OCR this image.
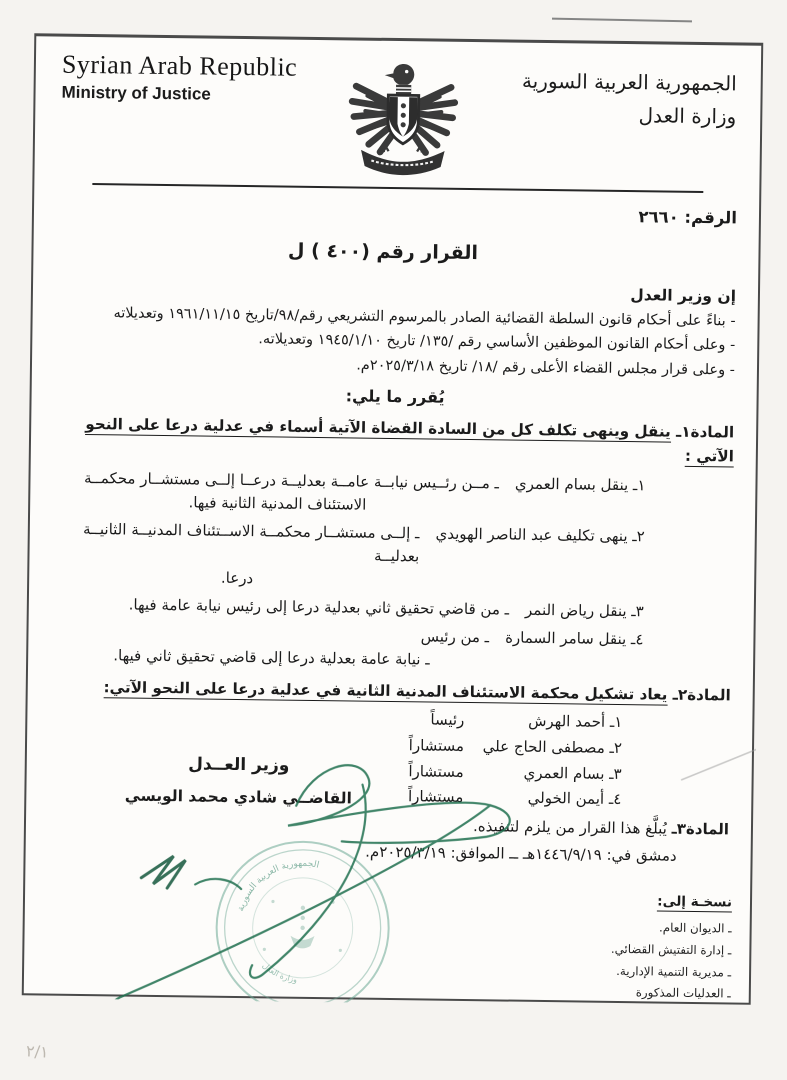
Syrian Arab Republic
Ministry of Justice	الجمهورية العربية السورية
وزارة العدل
الرقم: ٢٦٦٠
القرار رقم (٤٠٠ ) ل
إن وزير العدل
- بناءً على أحكام قانون السلطة القضائية الصادر بالمرسوم التشريعي رقم/٩٨/تاريخ ١٩٦١/١١/١٥ وتعديلاته
- وعلى أحكام القانون الموظفين الأساسي رقم /١٣٥/ تاريخ ١٩٤٥/١/١٠ وتعديلاته.
- وعلى قرار مجلس القضاء الأعلى رقم /١٨/ تاريخ ٢٠٢٥/٣/١٨م.
يُقرر ما يلي:
المادة١ـ ينقل وينهى تكلف كل من السادة القضاة الآتية أسماء في عدلية درعا على النحو الآتي :
١ـ ينقل بسام العمري
ـ مــن رئــيس نيابــة عامــة بعدليــة درعــا إلــى مستشــار محكمــة
الاستئناف المدنية الثانية فيها.
٢ـ ينهى تكليف عبد الناصر الهويدي
ـ إلــى مستشــار محكمــة الاســتئناف المدنيــة الثانيــة بعدليــة
درعا.
٣ـ ينقل رياض النمر
ـ من قاضي تحقيق ثاني بعدلية درعا إلى رئيس نيابة عامة فيها.
٤ـ ينقل سامر السمارة
ـ من رئيس
ـ نيابة عامة بعدلية درعا إلى قاضي تحقيق ثاني فيها.
المادة٢ـ يعاد تشكيل محكمة الاستئناف المدنية الثانية في عدلية درعا على النحو الآتي:
١ـ أحمد الهرش
رئيساً
٢ـ مصطفى الحاج علي
مستشاراً
٣ـ بسام العمري
مستشاراً
٤ـ أيمن الخولي
مستشاراً
المادة٣ـ يُبلَّغ هذا القرار من يلزم لتنفيذه.
دمشق في: ١٤٤٦/٩/١٩هـ ــ الموافق: ٢٠٢٥/٣/١٩م.
وزير العــدل
القاضــي شادي محمد الويسي
نسخـة إلى:
ـ الديوان العام.
ـ إدارة التفتيش القضائي.
ـ مديرية التنمية الإدارية.
ـ العدليات المذكورة
الجمهورية العربية السورية
وزارة العدل
٢/١
